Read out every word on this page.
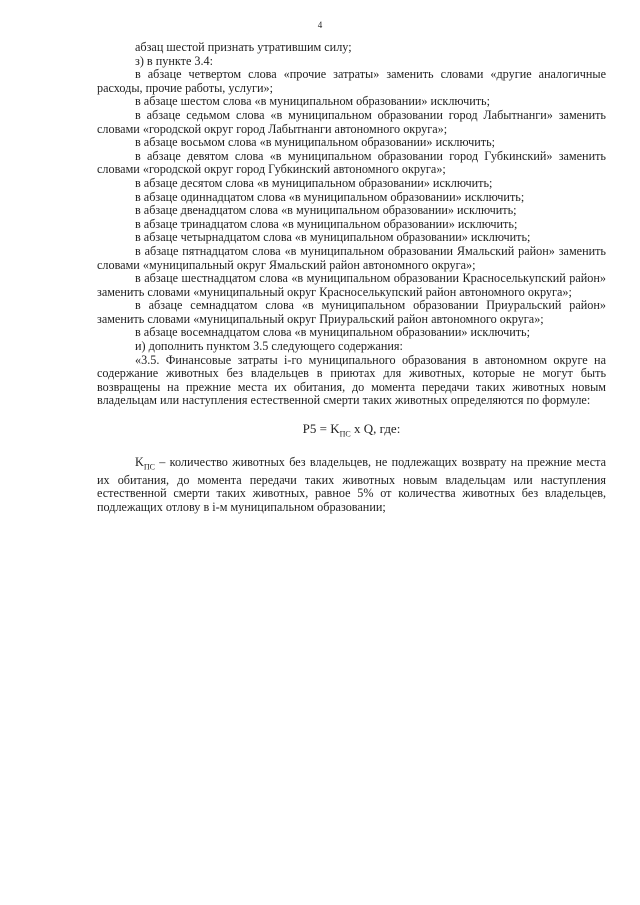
4

абзац шестой признать утратившим силу;

з) в пункте 3.4:

в абзаце четвертом слова «прочие затраты» заменить словами «другие аналогичные расходы, прочие работы, услуги»;

в абзаце шестом слова «в муниципальном образовании» исключить;

в абзаце седьмом слова «в муниципальном образовании город Лабытнанги» заменить словами «городской округ город Лабытнанги автономного округа»;

в абзаце восьмом слова «в муниципальном образовании» исключить;

в абзаце девятом слова «в муниципальном образовании город Губкинский» заменить словами «городской округ город Губкинский автономного округа»;

в абзаце десятом слова «в муниципальном образовании» исключить;

в абзаце одиннадцатом слова «в муниципальном образовании» исключить;

в абзаце двенадцатом слова «в муниципальном образовании» исключить;

в абзаце тринадцатом слова «в муниципальном образовании» исключить;

в абзаце четырнадцатом слова «в муниципальном образовании» исключить;

в абзаце пятнадцатом слова «в муниципальном образовании Ямальский район» заменить словами «муниципальный округ Ямальский район автономного округа»;

в абзаце шестнадцатом слова «в муниципальном образовании Красноселькупский район» заменить словами «муниципальный округ Красноселькупский район автономного округа»;

в абзаце семнадцатом слова «в муниципальном образовании Приуральский район» заменить словами «муниципальный округ Приуральский район автономного округа»;

в абзаце восемнадцатом слова «в муниципальном образовании» исключить;

и) дополнить пунктом 3.5 следующего содержания:

«3.5. Финансовые затраты i-го муниципального образования в автономном округе на содержание животных без владельцев в приютах для животных, которые не могут быть возвращены на прежние места их обитания, до момента передачи таких животных новым владельцам или наступления естественной смерти таких животных определяются по формуле:

$P5 = K_{ПС}$ x Q, где:

$K_{ПС}$ – количество животных без владельцев, не подлежащих возврату на прежние места их обитания, до момента передачи таких животных новым владельцам или наступления естественной смерти таких животных, равное 5% от количества животных без владельцев, подлежащих отлову в i-м муниципальном образовании;
